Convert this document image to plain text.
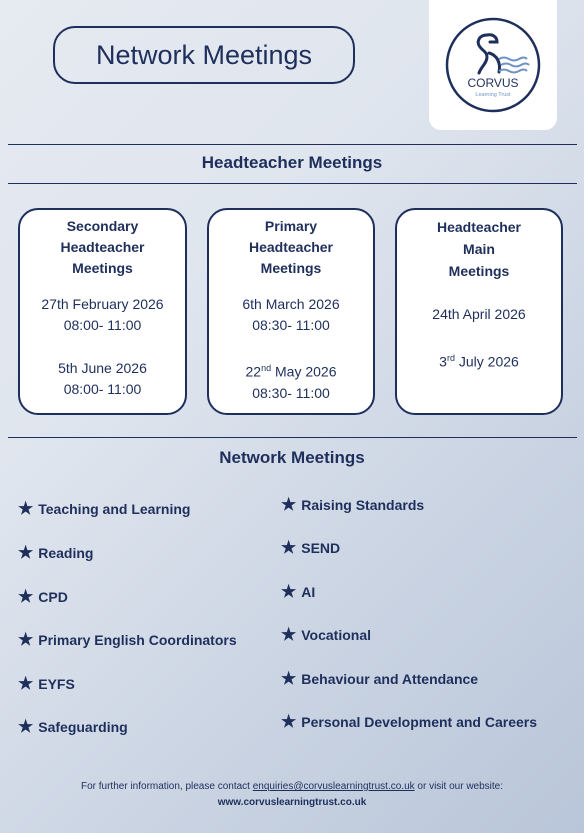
Network Meetings
CORVUS
Learning Trust
Headteacher Meetings
Secondary
Headteacher
Meetings
27th February 2026
08:00- 11:00
5th June 2026
08:00- 11:00
Primary
Headteacher
Meetings
6th March 2026
08:30- 11:00
22nd May 2026
08:30- 11:00
Headteacher
Main
Meetings
24th April 2026
3rd July 2026
Network Meetings
★ Teaching and Learning
★ Reading
★ CPD
★ Primary English Coordinators
★ EYFS
★ Safeguarding
★ Raising Standards
★ SEND
★ AI
★ Vocational
★ Behaviour and Attendance
★ Personal Development and Careers
For further information, please contact enquiries@corvuslearningtrust.co.uk or visit our website:
www.corvuslearningtrust.co.uk
